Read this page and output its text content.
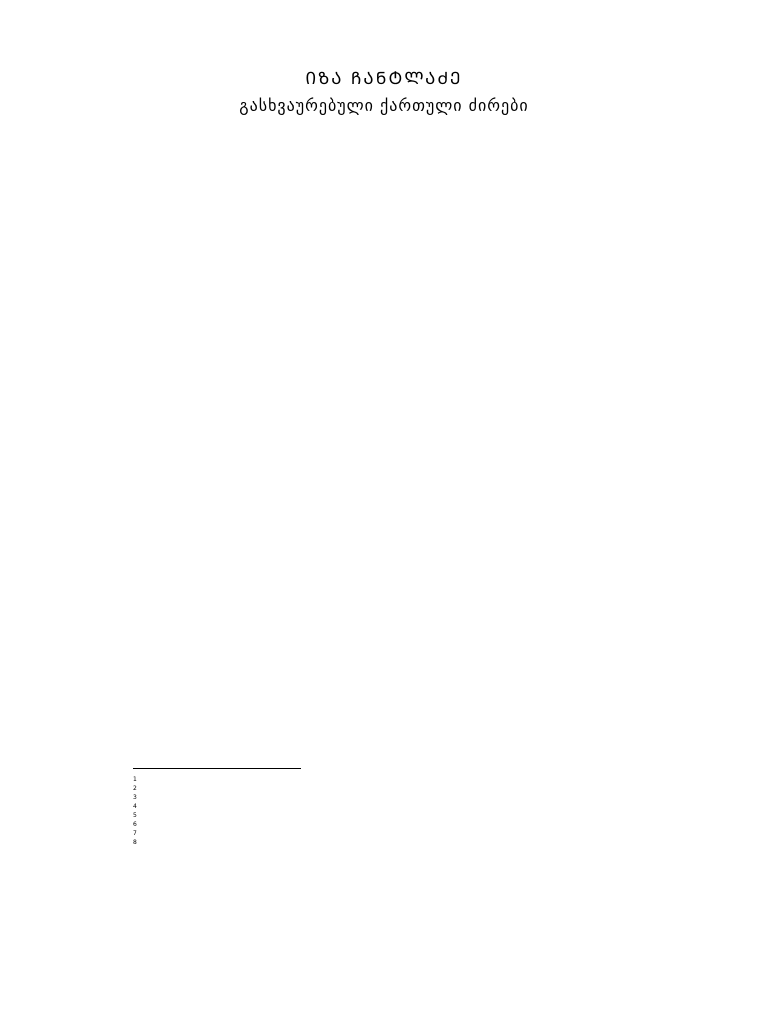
ᲘᲖᲐ ᲩᲐᲜᲢᲚᲐᲫᲔ
გასხვაურებული ქართული ძირები

1
2
3
4
5
6
7
8
